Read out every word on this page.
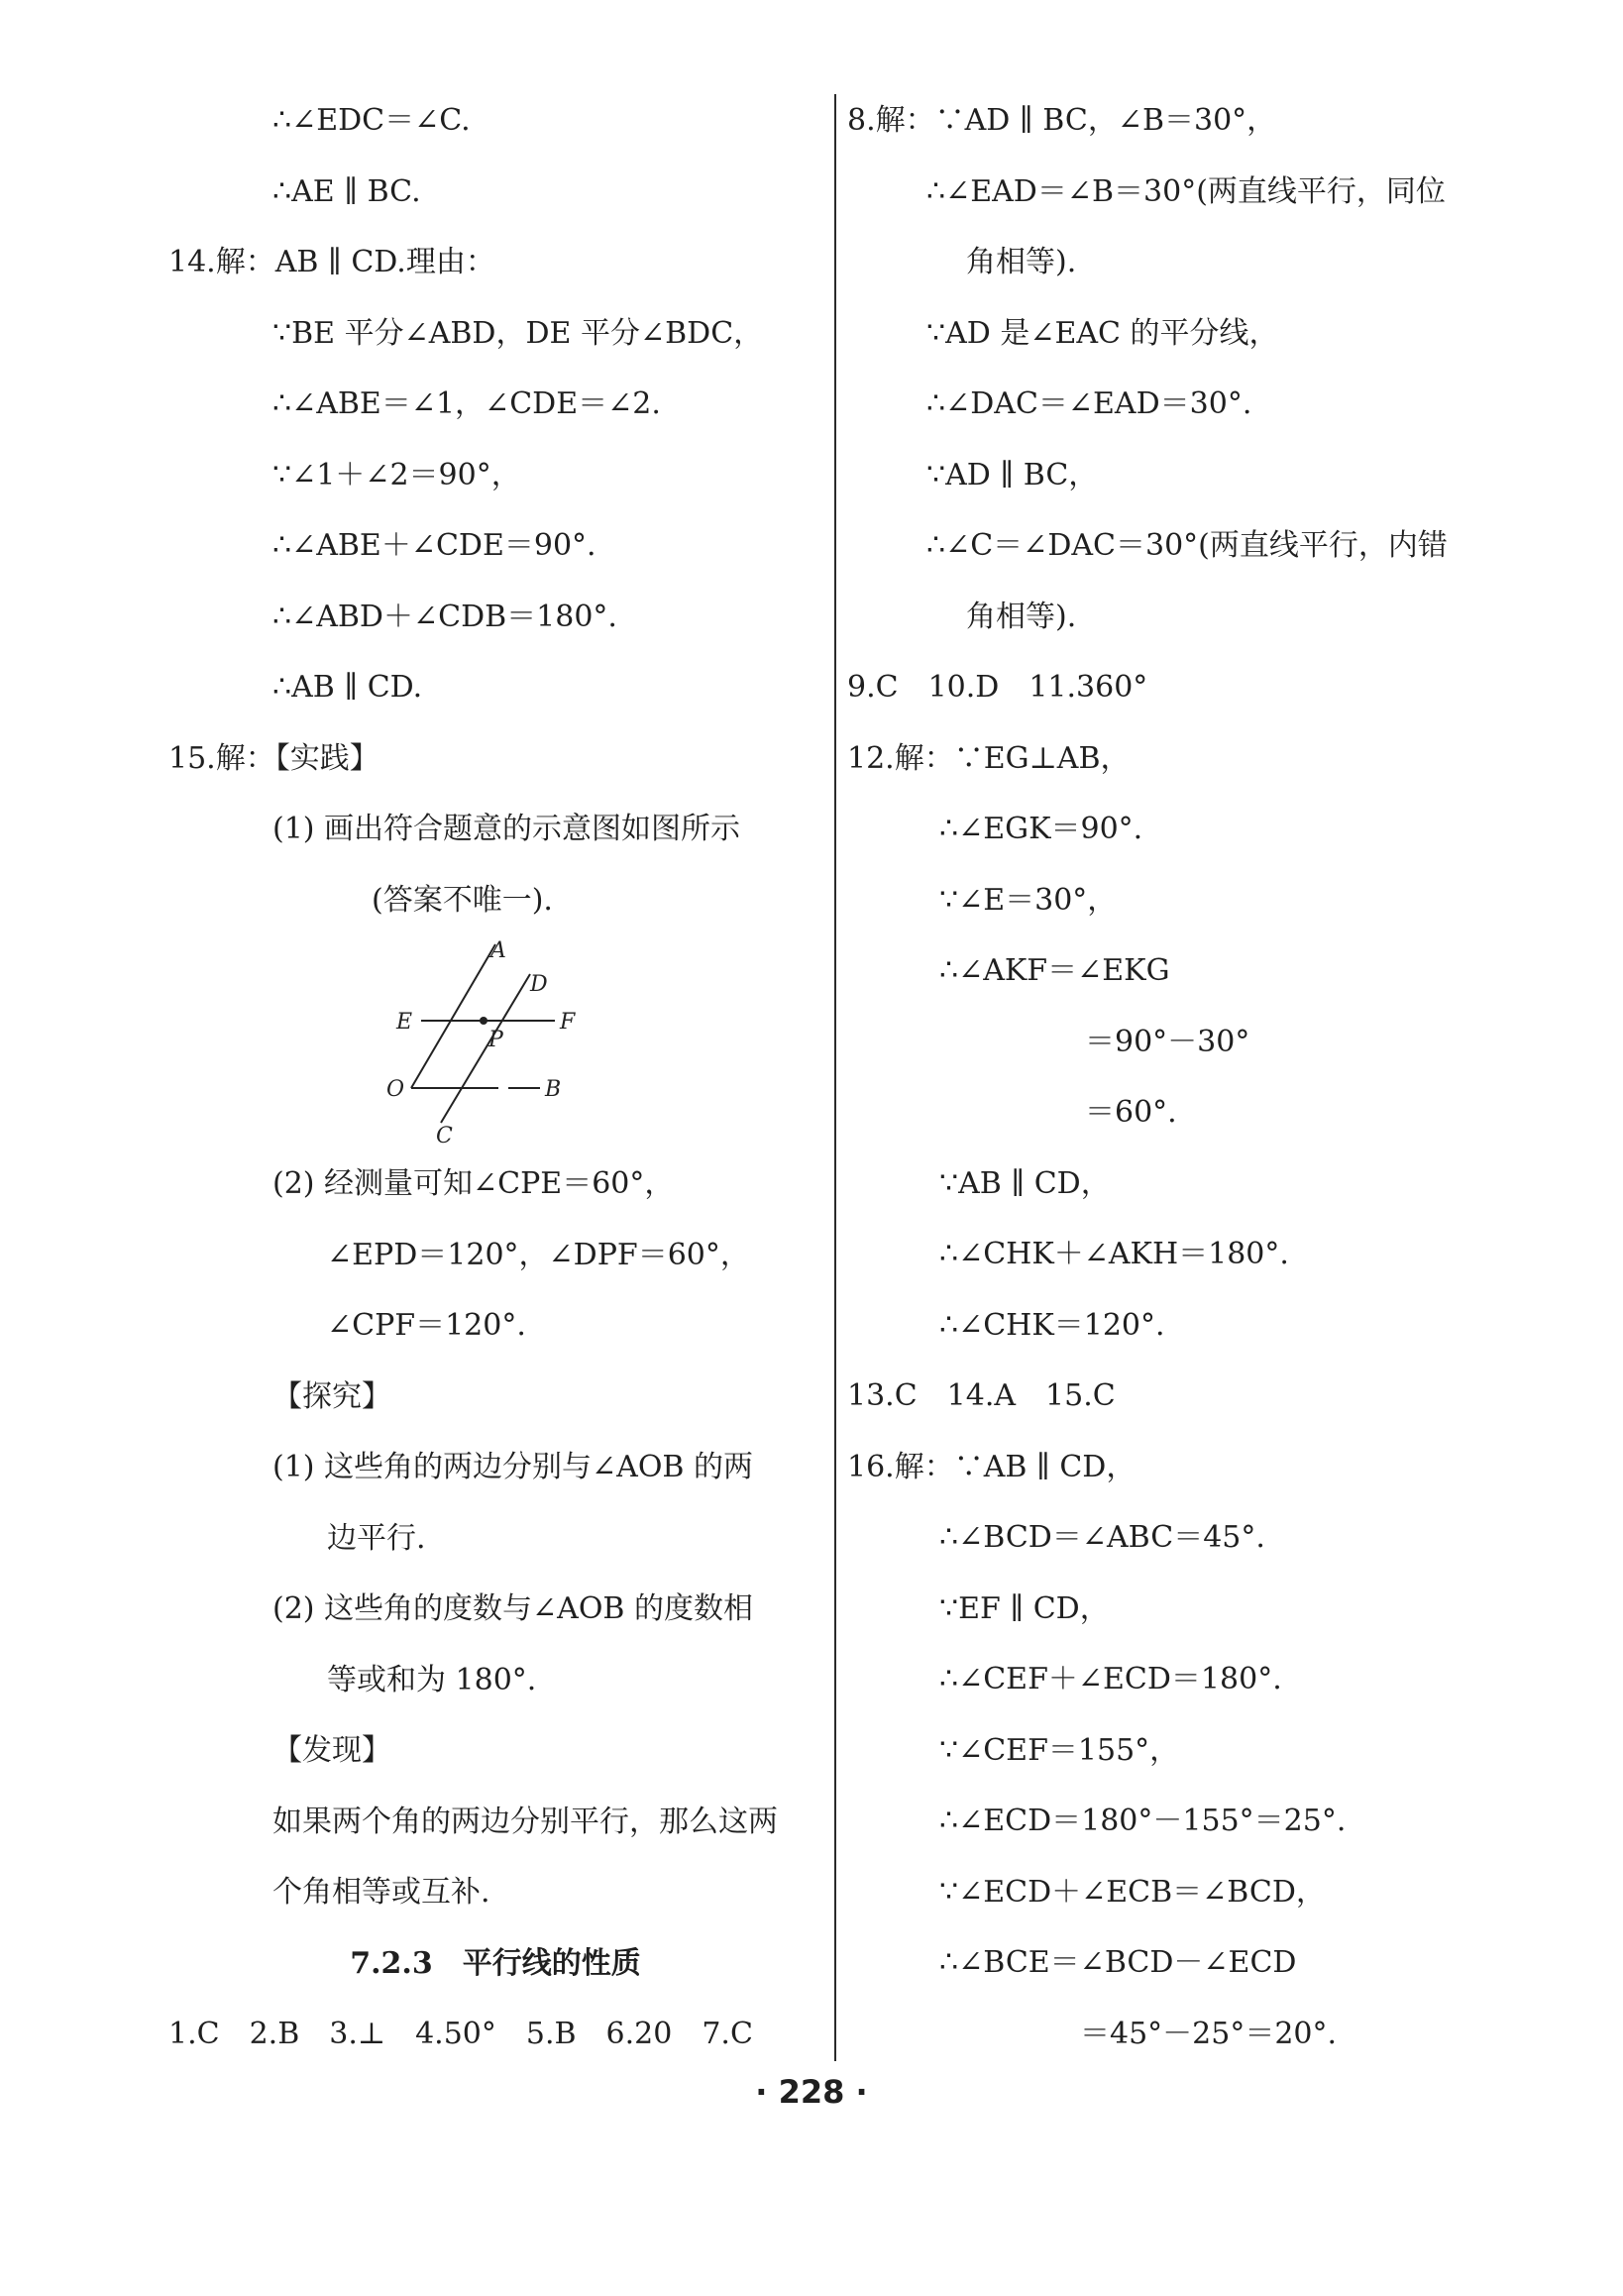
∴∠EDC＝∠C.
∴AE ∥ BC.
14.解：AB ∥ CD.理由：
∵BE 平分∠ABD，DE 平分∠BDC，
∴∠ABE＝∠1，∠CDE＝∠2.
∵∠1＋∠2＝90°，
∴∠ABE＋∠CDE＝90°.
∴∠ABD＋∠CDB＝180°.
∴AB ∥ CD.
15.解：【实践】
(1) 画出符合题意的示意图如图所示
(答案不唯一).
A
D
E	F
P
O	B
C
(2) 经测量可知∠CPE＝60°，
∠EPD＝120°，∠DPF＝60°，
∠CPF＝120°.
【探究】
(1) 这些角的两边分别与∠AOB 的两
边平行.
(2) 这些角的度数与∠AOB 的度数相
等或和为 180°.
【发现】
如果两个角的两边分别平行，那么这两
个角相等或互补.
7.2.3　平行线的性质
1.C　2.B　3.⊥　4.50°　5.B　6.20　7.C
8.解：∵AD ∥ BC，∠B＝30°，
∴∠EAD＝∠B＝30°(两直线平行，同位
角相等).
∵AD 是∠EAC 的平分线，
∴∠DAC＝∠EAD＝30°.
∵AD ∥ BC，
∴∠C＝∠DAC＝30°(两直线平行，内错
角相等).
9.C　10.D　11.360°
12.解：∵EG⊥AB，
∴∠EGK＝90°.
∵∠E＝30°，
∴∠AKF＝∠EKG
＝90°－30°
＝60°.
∵AB ∥ CD，
∴∠CHK＋∠AKH＝180°.
∴∠CHK＝120°.
13.C　14.A　15.C
16.解：∵AB ∥ CD，
∴∠BCD＝∠ABC＝45°.
∵EF ∥ CD，
∴∠CEF＋∠ECD＝180°.
∵∠CEF＝155°，
∴∠ECD＝180°－155°＝25°.
∵∠ECD＋∠ECB＝∠BCD，
∴∠BCE＝∠BCD－∠ECD
＝45°－25°＝20°.
· 228 ·
